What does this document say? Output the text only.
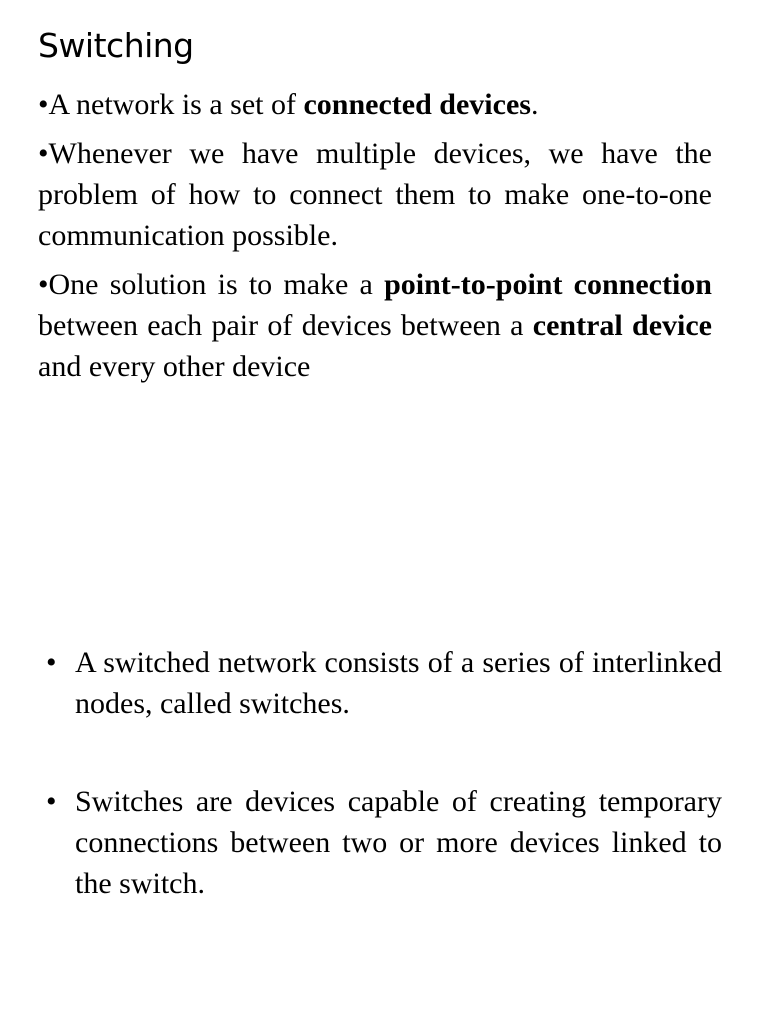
Switching

•A network is a set of connected devices.

•Whenever we have multiple devices, we have the problem of how to connect them to make one-to-one communication possible.

•One solution is to make a point-to-point connection between each pair of devices between a central device and every other device

• A switched network consists of a series of interlinked nodes, called switches.
• Switches are devices capable of creating temporary connections between two or more devices linked to the switch.
